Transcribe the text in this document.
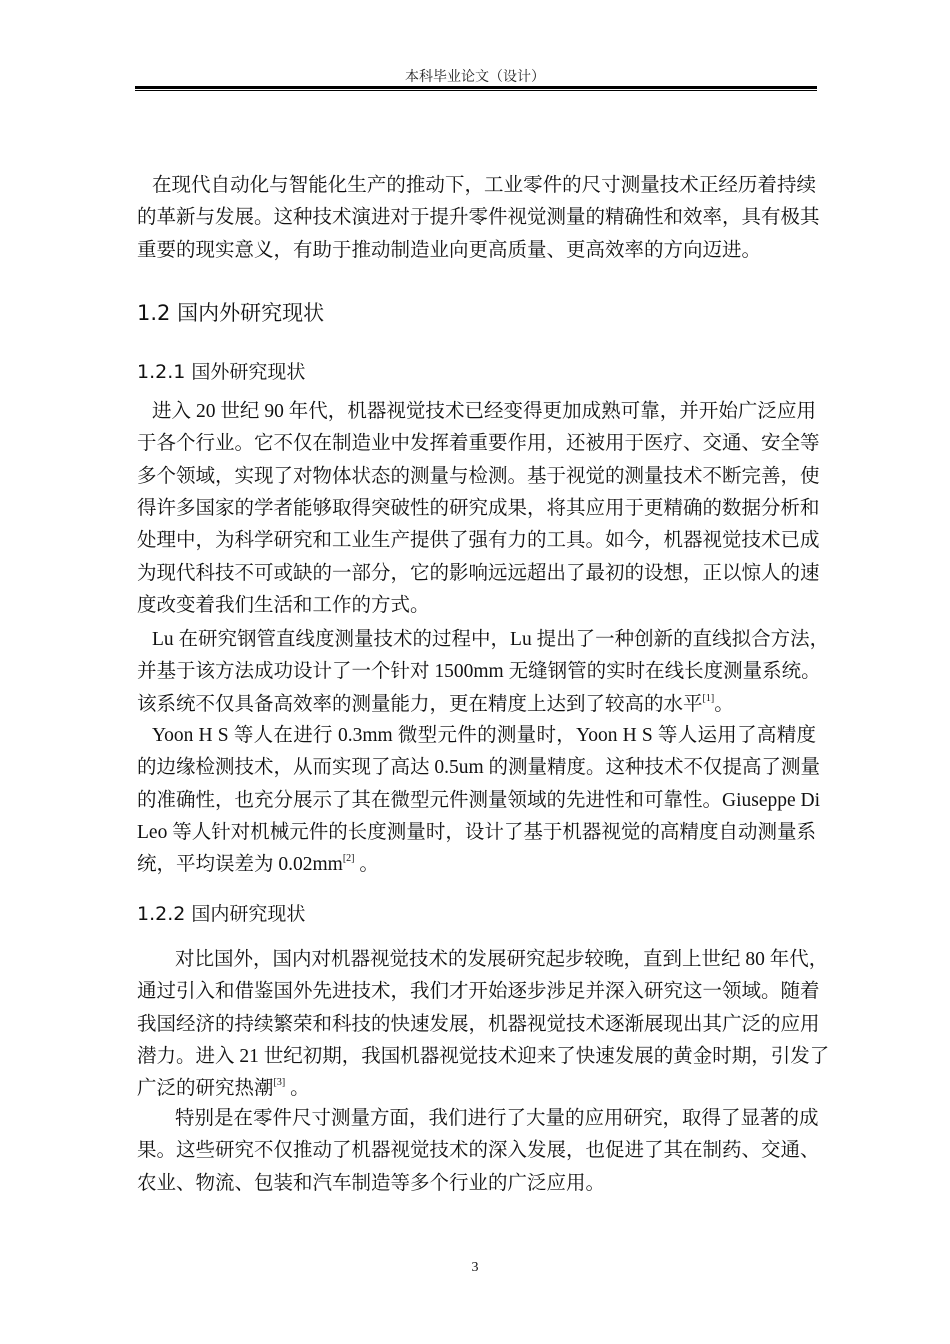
本科毕业论文（设计）
1.2 国内外研究现状
1.2.1 国外研究现状
1.2.2 国内研究现状
在现代自动化与智能化生产的推动下，工业零件的尺寸测量技术正经历着持续
的革新与发展。这种技术演进对于提升零件视觉测量的精确性和效率，具有极其
重要的现实意义，有助于推动制造业向更高质量、更高效率的方向迈进。
进入 20 世纪 90 年代，机器视觉技术已经变得更加成熟可靠，并开始广泛应用
于各个行业。它不仅在制造业中发挥着重要作用，还被用于医疗、交通、安全等
多个领域，实现了对物体状态的测量与检测。基于视觉的测量技术不断完善，使
得许多国家的学者能够取得突破性的研究成果，将其应用于更精确的数据分析和
处理中，为科学研究和工业生产提供了强有力的工具。如今，机器视觉技术已成
为现代科技不可或缺的一部分，它的影响远远超出了最初的设想，正以惊人的速
度改变着我们生活和工作的方式。
Lu 在研究钢管直线度测量技术的过程中，Lu 提出了一种创新的直线拟合方法，
并基于该方法成功设计了一个针对 1500mm 无缝钢管的实时在线长度测量系统。
该系统不仅具备高效率的测量能力，更在精度上达到了较高的水平[1]。
Yoon H S 等人在进行 0.3mm 微型元件的测量时，Yoon H S 等人运用了高精度
的边缘检测技术，从而实现了高达 0.5um 的测量精度。这种技术不仅提高了测量
的准确性，也充分展示了其在微型元件测量领域的先进性和可靠性。Giuseppe Di
Leo 等人针对机械元件的长度测量时，设计了基于机器视觉的高精度自动测量系
统，平均误差为 0.02mm[2] 。
对比国外，国内对机器视觉技术的发展研究起步较晚，直到上世纪 80 年代，
通过引入和借鉴国外先进技术，我们才开始逐步涉足并深入研究这一领域。随着
我国经济的持续繁荣和科技的快速发展，机器视觉技术逐渐展现出其广泛的应用
潜力。进入 21 世纪初期，我国机器视觉技术迎来了快速发展的黄金时期，引发了
广泛的研究热潮[3] 。
特别是在零件尺寸测量方面，我们进行了大量的应用研究，取得了显著的成
果。这些研究不仅推动了机器视觉技术的深入发展，也促进了其在制药、交通、
农业、物流、包装和汽车制造等多个行业的广泛应用。
3
